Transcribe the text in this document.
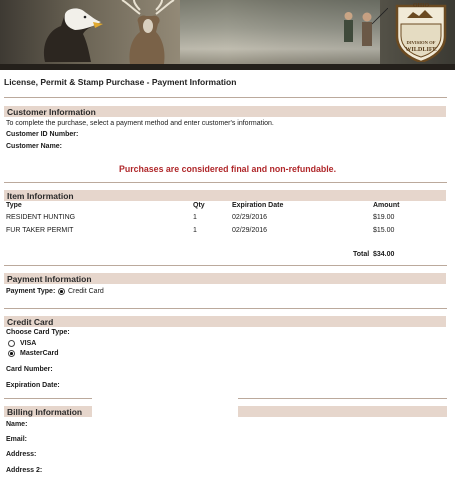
OHIO
DIVISION OF
WILDLIFE
License, Permit & Stamp Purchase - Payment Information
Customer Information
To complete the purchase, select a payment method and enter customer's information.
Customer ID Number:
Customer Name:
Purchases are considered final and non-refundable.
Item Information
Type	Qty	Expiration Date	Amount
RESIDENT HUNTING	1	02/29/2016	$19.00
FUR TAKER PERMIT	1	02/29/2016	$15.00
Total $34.00
Payment Information
Payment Type: Credit Card
Credit Card
Choose Card Type:
VISA
MasterCard
Card Number:
Expiration Date:
Billing Information
Name:
Email:
Address:
Address 2:
